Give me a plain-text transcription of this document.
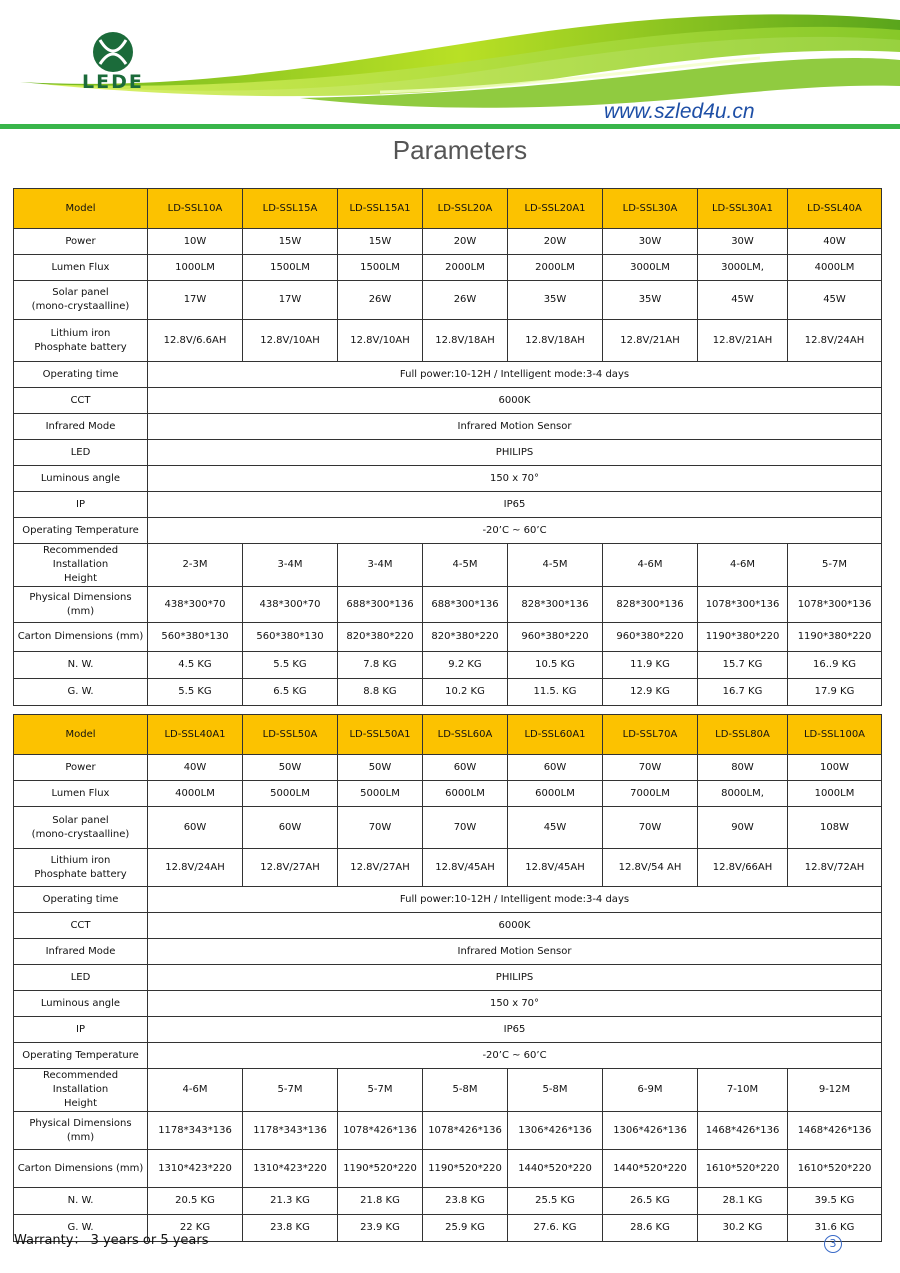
LEDE
www.szled4u.cn
Parameters
Model	LD-SSL10A	LD-SSL15A	LD-SSL15A1	LD-SSL20A	LD-SSL20A1	LD-SSL30A	LD-SSL30A1	LD-SSL40A
Power	10W	15W	15W	20W	20W	30W	30W	40W
Lumen Flux	1000LM	1500LM	1500LM	2000LM	2000LM	3000LM	3000LM,	4000LM
Solar panel
(mono-crystaalline)	17W	17W	26W	26W	35W	35W	45W	45W
Lithium iron
Phosphate battery	12.8V/6.6AH	12.8V/10AH	12.8V/10AH	12.8V/18AH	12.8V/18AH	12.8V/21AH	12.8V/21AH	12.8V/24AH
Operating time	Full power:10-12H / Intelligent mode:3-4 days							
CCT	6000K							
Infrared Mode	Infrared Motion Sensor							
LED	PHILIPS							
Luminous angle	150 x 70°							
IP	IP65							
Operating Temperature	-20’C ~ 60’C							
Recommended Installation
Height	2-3M	3-4M	3-4M	4-5M	4-5M	4-6M	4-6M	5-7M
Physical Dimensions (mm)	438*300*70	438*300*70	688*300*136	688*300*136	828*300*136	828*300*136	1078*300*136	1078*300*136
Carton Dimensions (mm)	560*380*130	560*380*130	820*380*220	820*380*220	960*380*220	960*380*220	1190*380*220	1190*380*220
N. W.	4.5 KG	5.5 KG	7.8 KG	9.2 KG	10.5 KG	11.9 KG	15.7 KG	16..9 KG
G. W.	5.5 KG	6.5 KG	8.8 KG	10.2 KG	11.5. KG	12.9 KG	16.7 KG	17.9 KG
Model	LD-SSL40A1	LD-SSL50A	LD-SSL50A1	LD-SSL60A	LD-SSL60A1	LD-SSL70A	LD-SSL80A	LD-SSL100A
Power	40W	50W	50W	60W	60W	70W	80W	100W
Lumen Flux	4000LM	5000LM	5000LM	6000LM	6000LM	7000LM	8000LM,	1000LM
Solar panel
(mono-crystaalline)	60W	60W	70W	70W	45W	70W	90W	108W
Lithium iron
Phosphate battery	12.8V/24AH	12.8V/27AH	12.8V/27AH	12.8V/45AH	12.8V/45AH	12.8V/54 AH	12.8V/66AH	12.8V/72AH
Operating time	Full power:10-12H / Intelligent mode:3-4 days							
CCT	6000K							
Infrared Mode	Infrared Motion Sensor							
LED	PHILIPS							
Luminous angle	150 x 70°							
IP	IP65							
Operating Temperature	-20’C ~ 60’C							
Recommended Installation
Height	4-6M	5-7M	5-7M	5-8M	5-8M	6-9M	7-10M	9-12M
Physical Dimensions (mm)	1178*343*136	1178*343*136	1078*426*136	1078*426*136	1306*426*136	1306*426*136	1468*426*136	1468*426*136
Carton Dimensions (mm)	1310*423*220	1310*423*220	1190*520*220	1190*520*220	1440*520*220	1440*520*220	1610*520*220	1610*520*220
N. W.	20.5 KG	21.3 KG	21.8 KG	23.8 KG	25.5 KG	26.5 KG	28.1 KG	39.5 KG
G. W.	22 KG	23.8 KG	23.9 KG	25.9 KG	27.6. KG	28.6 KG	30.2 KG	31.6 KG
Warranty： 3 years or 5 years	3
